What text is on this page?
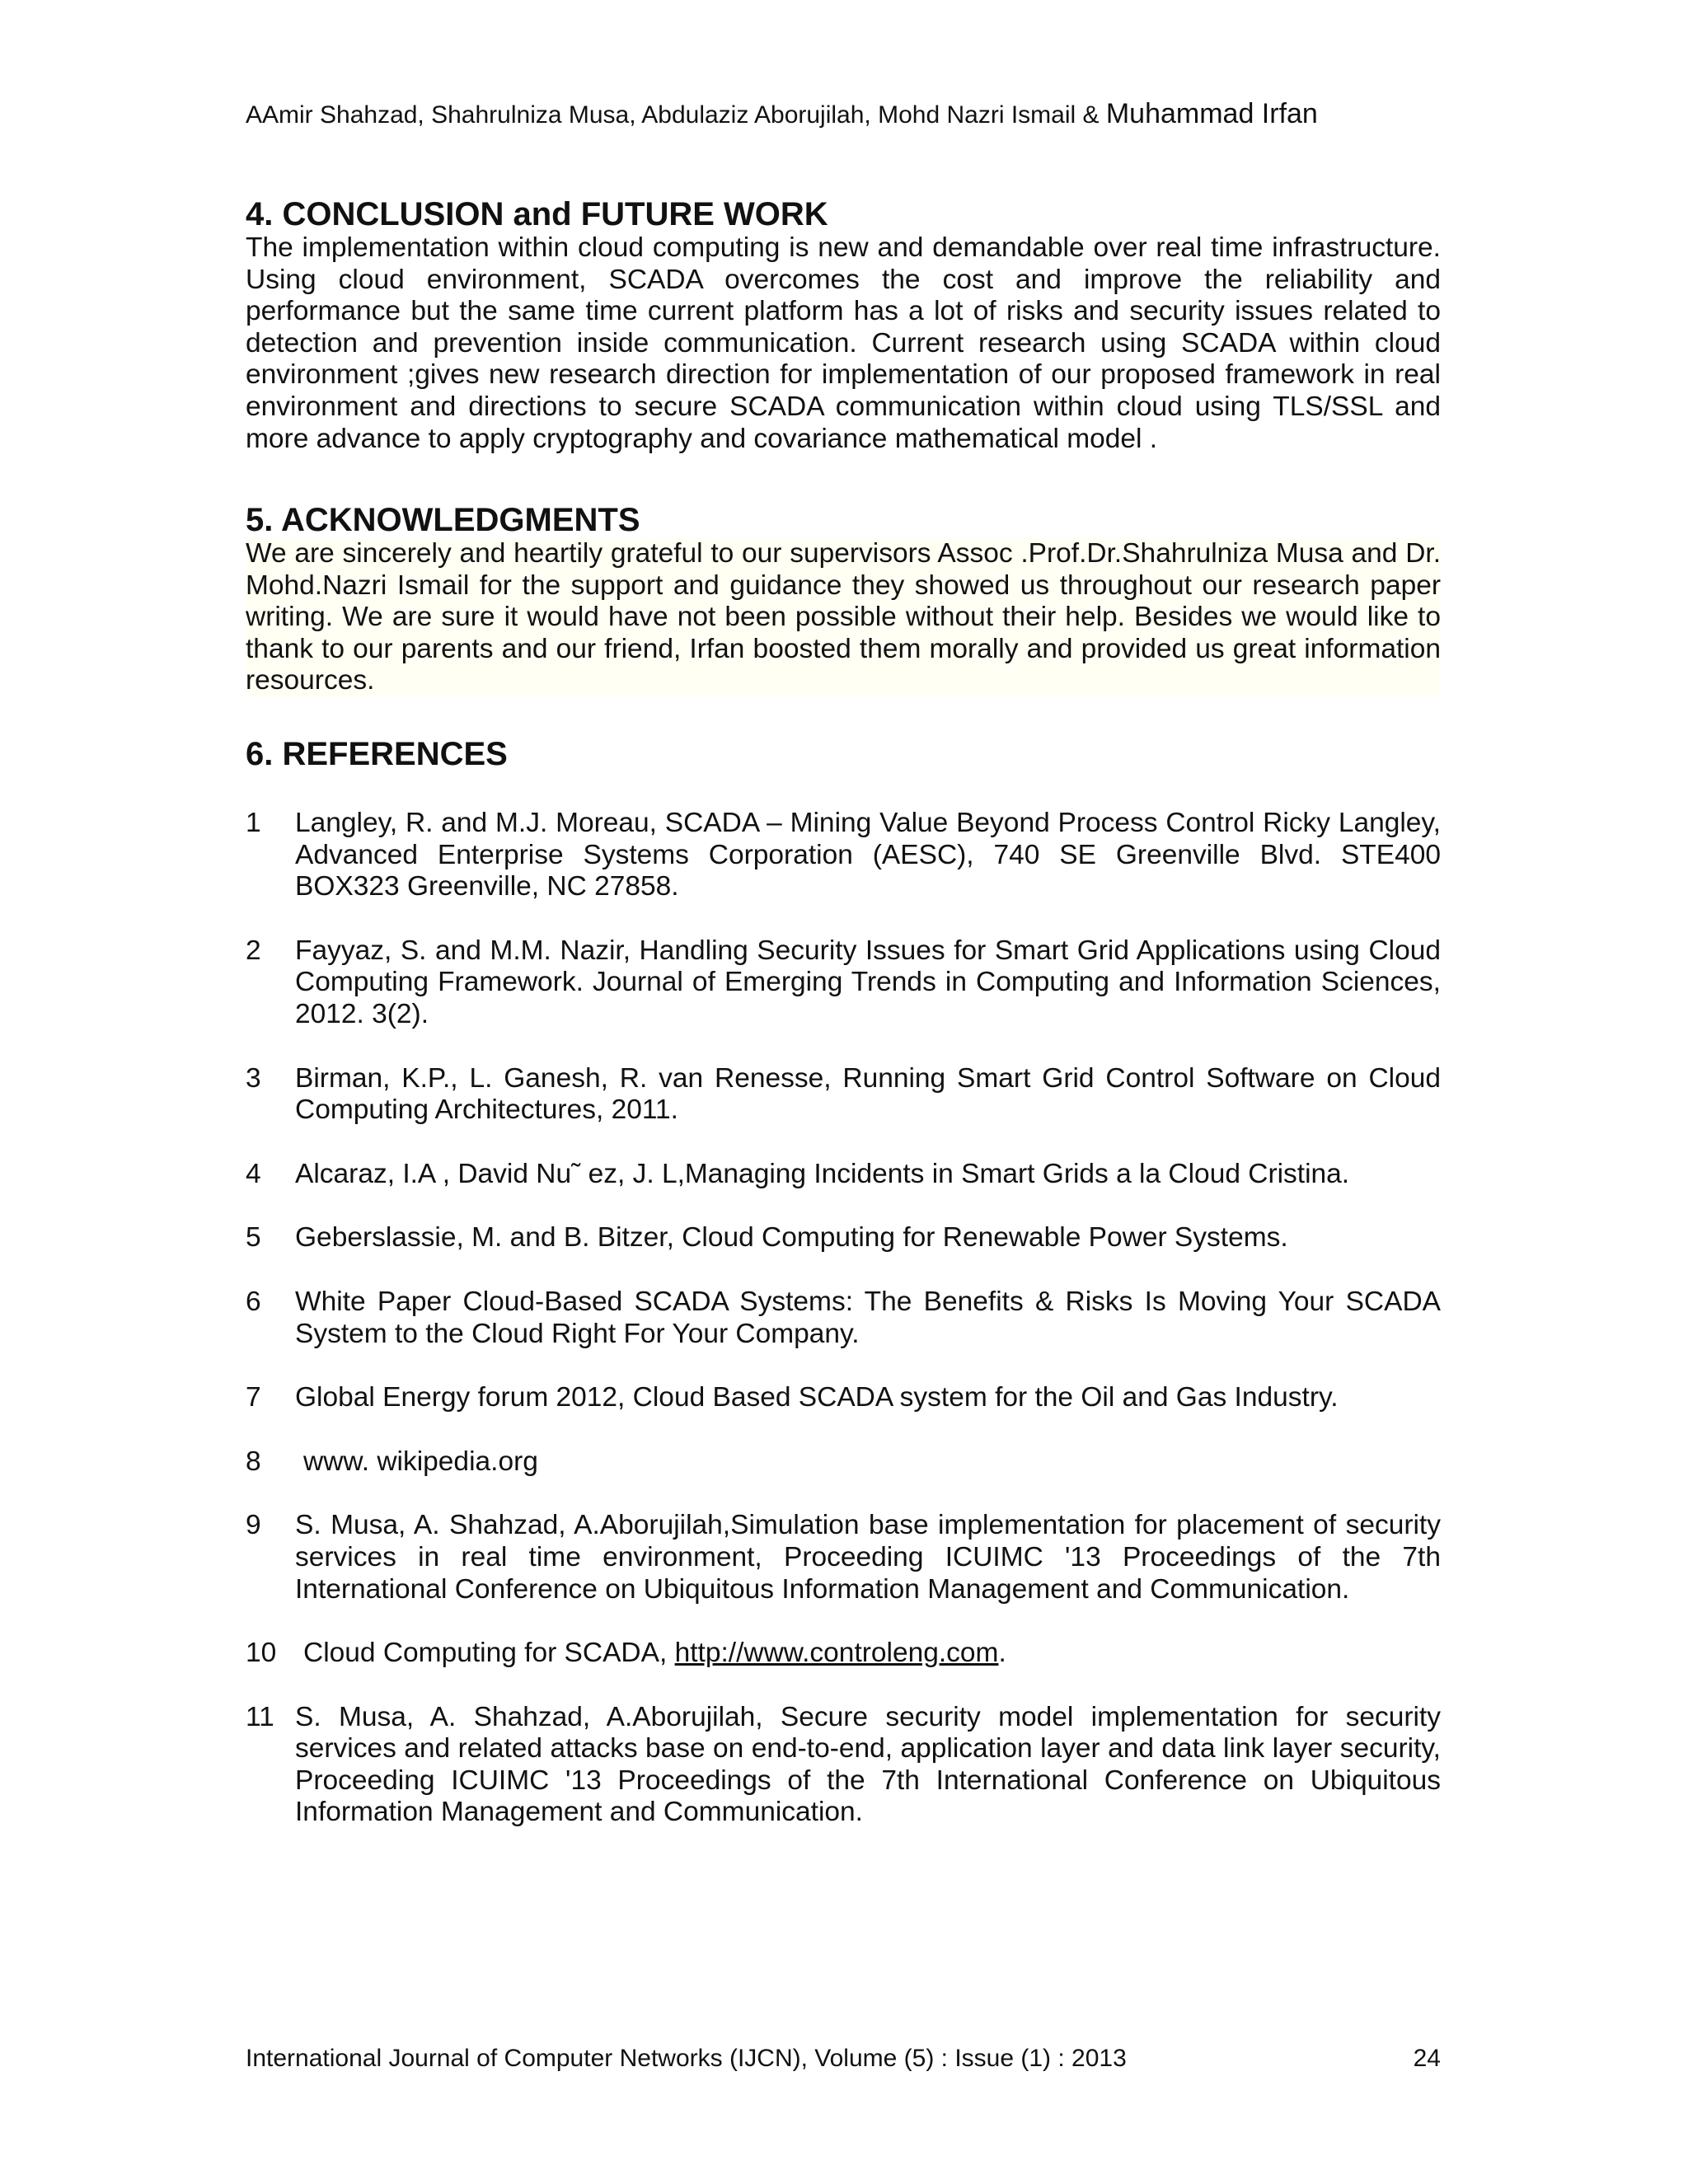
AAmir Shahzad, Shahrulniza Musa, Abdulaziz Aborujilah, Mohd Nazri Ismail & Muhammad Irfan
4. CONCLUSION and FUTURE WORK

The implementation within cloud computing is new and demandable over real time infrastructure. Using cloud environment, SCADA overcomes the cost and improve the reliability and performance but the same time current platform has a lot of risks and security issues related to detection and prevention inside communication. Current research using SCADA within cloud environment ;gives new research direction for implementation of our proposed framework in real environment and directions to secure SCADA communication within cloud using TLS/SSL and more advance to apply cryptography and covariance mathematical model .

5. ACKNOWLEDGMENTS

We are sincerely and heartily grateful to our supervisors Assoc .Prof.Dr.Shahrulniza Musa and Dr. Mohd.Nazri Ismail for the support and guidance they showed us throughout our research paper writing. We are sure it would have not been possible without their help. Besides we would like to thank to our parents and our friend, Irfan boosted them morally and provided us great information resources.

6. REFERENCES
1	Langley, R. and M.J. Moreau, SCADA – Mining Value Beyond Process Control Ricky Langley, Advanced Enterprise Systems Corporation (AESC), 740 SE Greenville Blvd. STE400 BOX323 Greenville, NC 27858.
2	Fayyaz, S. and M.M. Nazir, Handling Security Issues for Smart Grid Applications using Cloud Computing Framework. Journal of Emerging Trends in Computing and Information Sciences, 2012. 3(2).
3	Birman, K.P., L. Ganesh, R. van Renesse, Running Smart Grid Control Software on Cloud Computing Architectures, 2011.
4	Alcaraz, I.A , David Nu˜ ez, J. L,Managing Incidents in Smart Grids a la Cloud Cristina.
5	Geberslassie, M. and B. Bitzer, Cloud Computing for Renewable Power Systems.
6	White Paper Cloud-Based SCADA Systems: The Benefits & Risks Is Moving Your SCADA System to the Cloud Right For Your Company.
7	Global Energy forum 2012, Cloud Based SCADA system for the Oil and Gas Industry.
8	www. wikipedia.org
9	S. Musa, A. Shahzad, A.Aborujilah,Simulation base implementation for placement of security services in real time environment, Proceeding ICUIMC '13 Proceedings of the 7th International Conference on Ubiquitous Information Management and Communication.
10 Cloud Computing for SCADA, http://www.controleng.com.
11 S. Musa, A. Shahzad, A.Aborujilah, Secure security model implementation for security services and related attacks base on end-to-end, application layer and data link layer security, Proceeding ICUIMC '13 Proceedings of the 7th International Conference on Ubiquitous Information Management and Communication.
International Journal of Computer Networks (IJCN), Volume (5) : Issue (1) : 2013	24
